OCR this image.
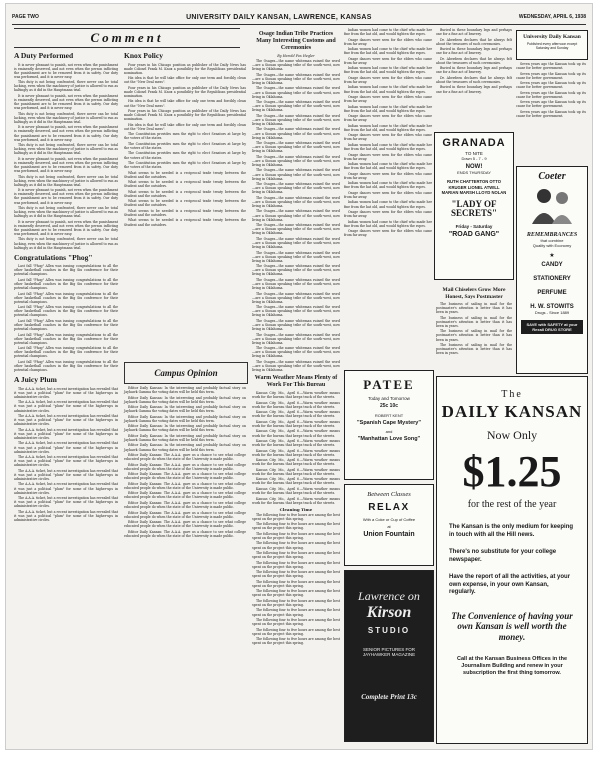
PAGE TWO	UNIVERSITY DAILY KANSAN, LAWRENCE, KANSAS	WEDNESDAY, APRIL 6, 1938
Comment
A Duty Performed

It is never pleasant to punish, not even when the punishment is eminently deserved, and not even when the person inflicting the punishment are to be removed from it in safety. Our duty was performed, and it is never easy.

This duty is not being confronted, there never can be total lacking, even when the machinery of justice is allowed to run as haltingly as it did in the Hauptmann trial.

It is never pleasant to punish, not even when the punishment is eminently deserved, and not even when the person inflicting the punishment are to be removed from it in safety. Our duty was performed, and it is never easy.

This duty is not being confronted, there never can be total lacking, even when the machinery of justice is allowed to run as haltingly as it did in the Hauptmann trial.

It is never pleasant to punish, not even when the punishment is eminently deserved, and not even when the person inflicting the punishment are to be removed from it in safety. Our duty was performed, and it is never easy.

This duty is not being confronted, there never can be total lacking, even when the machinery of justice is allowed to run as haltingly as it did in the Hauptmann trial.

It is never pleasant to punish, not even when the punishment is eminently deserved, and not even when the person inflicting the punishment are to be removed from it in safety. Our duty was performed, and it is never easy.

This duty is not being confronted, there never can be total lacking, even when the machinery of justice is allowed to run as haltingly as it did in the Hauptmann trial.

It is never pleasant to punish, not even when the punishment is eminently deserved, and not even when the person inflicting the punishment are to be removed from it in safety. Our duty was performed, and it is never easy.

This duty is not being confronted, there never can be total lacking, even when the machinery of justice is allowed to run as haltingly as it did in the Hauptmann trial.

It is never pleasant to punish, not even when the punishment is eminently deserved, and not even when the person inflicting the punishment are to be removed from it in safety. Our duty was performed, and it is never easy.

This duty is not being confronted, there never can be total lacking, even when the machinery of justice is allowed to run as haltingly as it did in the Hauptmann trial.

Congratulations "Phog"

Last fall "Phog" Allen was issuing congratulations to all the other basketball coaches in the Big Six conference for their potential champions.

Last fall "Phog" Allen was issuing congratulations to all the other basketball coaches in the Big Six conference for their potential champions.

Last fall "Phog" Allen was issuing congratulations to all the other basketball coaches in the Big Six conference for their potential champions.

Last fall "Phog" Allen was issuing congratulations to all the other basketball coaches in the Big Six conference for their potential champions.

Last fall "Phog" Allen was issuing congratulations to all the other basketball coaches in the Big Six conference for their potential champions.

Last fall "Phog" Allen was issuing congratulations to all the other basketball coaches in the Big Six conference for their potential champions.

Last fall "Phog" Allen was issuing congratulations to all the other basketball coaches in the Big Six conference for their potential champions.

Last fall "Phog" Allen was issuing congratulations to all the other basketball coaches in the Big Six conference for their potential champions.

A Juicy Plum

The A.A.A. ticket, but a recent investigation has revealed that it was just a political "plum" for some of the higher-ups in administrative circles.

The A.A.A. ticket, but a recent investigation has revealed that it was just a political "plum" for some of the higher-ups in administrative circles.

The A.A.A. ticket, but a recent investigation has revealed that it was just a political "plum" for some of the higher-ups in administrative circles.

The A.A.A. ticket, but a recent investigation has revealed that it was just a political "plum" for some of the higher-ups in administrative circles.

The A.A.A. ticket, but a recent investigation has revealed that it was just a political "plum" for some of the higher-ups in administrative circles.

The A.A.A. ticket, but a recent investigation has revealed that it was just a political "plum" for some of the higher-ups in administrative circles.

The A.A.A. ticket, but a recent investigation has revealed that it was just a political "plum" for some of the higher-ups in administrative circles.

The A.A.A. ticket, but a recent investigation has revealed that it was just a political "plum" for some of the higher-ups in administrative circles.

The A.A.A. ticket, but a recent investigation has revealed that it was just a political "plum" for some of the higher-ups in administrative circles.

The A.A.A. ticket, but a recent investigation has revealed that it was just a political "plum" for some of the higher-ups in administrative circles.

Knox Policy

Four years in his Chicago position as publisher of the Daily News has made Colonel Frank M. Knox a possibility for the Republican presidential nomination.

His idea is that he will take office for only one term and forcibly clean out the "New Deal mess".

Four years in his Chicago position as publisher of the Daily News has made Colonel Frank M. Knox a possibility for the Republican presidential nomination.

His idea is that he will take office for only one term and forcibly clean out the "New Deal mess".

Four years in his Chicago position as publisher of the Daily News has made Colonel Frank M. Knox a possibility for the Republican presidential nomination.

His idea is that he will take office for only one term and forcibly clean out the "New Deal mess".

The Constitution provides men the right to elect Senators at large by the voters of the states.

The Constitution provides men the right to elect Senators at large by the voters of the states.

The Constitution provides men the right to elect Senators at large by the voters of the states.

The Constitution provides men the right to elect Senators at large by the voters of the states.

What seems to be needed is a reciprocal trade treaty between the Student and the outsiders.

What seems to be needed is a reciprocal trade treaty between the Student and the outsiders.

What seems to be needed is a reciprocal trade treaty between the Student and the outsiders.

What seems to be needed is a reciprocal trade treaty between the Student and the outsiders.

What seems to be needed is a reciprocal trade treaty between the Student and the outsiders.

What seems to be needed is a reciprocal trade treaty between the Student and the outsiders.

Campus Opinion

Editor Daily Kansan: In the interesting and probably factual story on Jayhawk Gamma the voting dates will be held this term.

Editor Daily Kansan: In the interesting and probably factual story on Jayhawk Gamma the voting dates will be held this term.

Editor Daily Kansan: In the interesting and probably factual story on Jayhawk Gamma the voting dates will be held this term.

Editor Daily Kansan: In the interesting and probably factual story on Jayhawk Gamma the voting dates will be held this term.

Editor Daily Kansan: In the interesting and probably factual story on Jayhawk Gamma the voting dates will be held this term.

Editor Daily Kansan: In the interesting and probably factual story on Jayhawk Gamma the voting dates will be held this term.

Editor Daily Kansan: In the interesting and probably factual story on Jayhawk Gamma the voting dates will be held this term.

Editor Daily Kansan: The A.A.A. gave us a chance to see what college educated people do when the state of the University is made public.

Editor Daily Kansan: The A.A.A. gave us a chance to see what college educated people do when the state of the University is made public.

Editor Daily Kansan: The A.A.A. gave us a chance to see what college educated people do when the state of the University is made public.

Editor Daily Kansan: The A.A.A. gave us a chance to see what college educated people do when the state of the University is made public.

Editor Daily Kansan: The A.A.A. gave us a chance to see what college educated people do when the state of the University is made public.

Editor Daily Kansan: The A.A.A. gave us a chance to see what college educated people do when the state of the University is made public.

Editor Daily Kansan: The A.A.A. gave us a chance to see what college educated people do when the state of the University is made public.

Editor Daily Kansan: The A.A.A. gave us a chance to see what college educated people do when the state of the University is made public.

Editor Daily Kansan: The A.A.A. gave us a chance to see what college educated people do when the state of the University is made public.

Osage Indian Tribe Practices Many Interesting Customs and Ceremonies
By Harold Fox Hegler

The Osages—the name whiteman ruined the word—are a Siouan speaking tribe of the south-west, now living in Oklahoma.

The Osages—the name whiteman ruined the word—are a Siouan speaking tribe of the south-west, now living in Oklahoma.

The Osages—the name whiteman ruined the word—are a Siouan speaking tribe of the south-west, now living in Oklahoma.

The Osages—the name whiteman ruined the word—are a Siouan speaking tribe of the south-west, now living in Oklahoma.

The Osages—the name whiteman ruined the word—are a Siouan speaking tribe of the south-west, now living in Oklahoma.

The Osages—the name whiteman ruined the word—are a Siouan speaking tribe of the south-west, now living in Oklahoma.

The Osages—the name whiteman ruined the word—are a Siouan speaking tribe of the south-west, now living in Oklahoma.

The Osages—the name whiteman ruined the word—are a Siouan speaking tribe of the south-west, now living in Oklahoma.

The Osages—the name whiteman ruined the word—are a Siouan speaking tribe of the south-west, now living in Oklahoma.

The Osages—the name whiteman ruined the word—are a Siouan speaking tribe of the south-west, now living in Oklahoma.

The Osages—the name whiteman ruined the word—are a Siouan speaking tribe of the south-west, now living in Oklahoma.

The Osages—the name whiteman ruined the word—are a Siouan speaking tribe of the south-west, now living in Oklahoma.

The Osages—the name whiteman ruined the word—are a Siouan speaking tribe of the south-west, now living in Oklahoma.

The Osages—the name whiteman ruined the word—are a Siouan speaking tribe of the south-west, now living in Oklahoma.

The Osages—the name whiteman ruined the word—are a Siouan speaking tribe of the south-west, now living in Oklahoma.

The Osages—the name whiteman ruined the word—are a Siouan speaking tribe of the south-west, now living in Oklahoma.

The Osages—the name whiteman ruined the word—are a Siouan speaking tribe of the south-west, now living in Oklahoma.

The Osages—the name whiteman ruined the word—are a Siouan speaking tribe of the south-west, now living in Oklahoma.

The Osages—the name whiteman ruined the word—are a Siouan speaking tribe of the south-west, now living in Oklahoma.

The Osages—the name whiteman ruined the word—are a Siouan speaking tribe of the south-west, now living in Oklahoma.

The Osages—the name whiteman ruined the word—are a Siouan speaking tribe of the south-west, now living in Oklahoma.

The Osages—the name whiteman ruined the word—are a Siouan speaking tribe of the south-west, now living in Oklahoma.

The Osages—the name whiteman ruined the word—are a Siouan speaking tribe of the south-west, now living in Oklahoma.

Warm Weather Means Plenty of Work For This Bureau

Kansas City, Mo., April 6.—Warm weather means work for the bureau that keeps track of the streets.

Kansas City, Mo., April 6.—Warm weather means work for the bureau that keeps track of the streets.

Kansas City, Mo., April 6.—Warm weather means work for the bureau that keeps track of the streets.

Kansas City, Mo., April 6.—Warm weather means work for the bureau that keeps track of the streets.

Kansas City, Mo., April 6.—Warm weather means work for the bureau that keeps track of the streets.

Kansas City, Mo., April 6.—Warm weather means work for the bureau that keeps track of the streets.

Kansas City, Mo., April 6.—Warm weather means work for the bureau that keeps track of the streets.

Kansas City, Mo., April 6.—Warm weather means work for the bureau that keeps track of the streets.

Kansas City, Mo., April 6.—Warm weather means work for the bureau that keeps track of the streets.

Kansas City, Mo., April 6.—Warm weather means work for the bureau that keeps track of the streets.

Kansas City, Mo., April 6.—Warm weather means work for the bureau that keeps track of the streets.

Kansas City, Mo., April 6.—Warm weather means work for the bureau that keeps track of the streets.

Cleaning Time

The following four to five hours are among the best spent on the project this spring.

The following four to five hours are among the best spent on the project this spring.

The following four to five hours are among the best spent on the project this spring.

The following four to five hours are among the best spent on the project this spring.

The following four to five hours are among the best spent on the project this spring.

The following four to five hours are among the best spent on the project this spring.

The following four to five hours are among the best spent on the project this spring.

The following four to five hours are among the best spent on the project this spring.

The following four to five hours are among the best spent on the project this spring.

The following four to five hours are among the best spent on the project this spring.

The following four to five hours are among the best spent on the project this spring.

The following four to five hours are among the best spent on the project this spring.

The following four to five hours are among the best spent on the project this spring.

The following four to five hours are among the best spent on the project this spring.

Indian women had come to the chief who made her fine from the hat old, and would tighten the ropes.

Osage dances were seen for the elders who came from far away.

Indian women had come to the chief who made her fine from the hat old, and would tighten the ropes.

Osage dances were seen for the elders who came from far away.

Indian women had come to the chief who made her fine from the hat old, and would tighten the ropes.

Osage dances were seen for the elders who came from far away.

Indian women had come to the chief who made her fine from the hat old, and would tighten the ropes.

Osage dances were seen for the elders who came from far away.

Indian women had come to the chief who made her fine from the hat old, and would tighten the ropes.

Osage dances were seen for the elders who came from far away.

Indian women had come to the chief who made her fine from the hat old, and would tighten the ropes.

Osage dances were seen for the elders who came from far away.

Indian women had come to the chief who made her fine from the hat old, and would tighten the ropes.

Osage dances were seen for the elders who came from far away.

Indian women had come to the chief who made her fine from the hat old, and would tighten the ropes.

Osage dances were seen for the elders who came from far away.

Indian women had come to the chief who made her fine from the hat old, and would tighten the ropes.

Osage dances were seen for the elders who came from far away.

Indian women had come to the chief who made her fine from the hat old, and would tighten the ropes.

Osage dances were seen for the elders who came from far away.

Indian women had come to the chief who made her fine from the hat old, and would tighten the ropes.

Osage dances were seen for the elders who came from far away.

PATEE
Today and Tomorrow
25c 10c
ROBERT KENT
"Spanish Cape Mystery"
and
"Manhattan Love Song"
Between Classes
RELAX
With a Coke or Cup of Coffee
at
Union Fountain
Lawrence on
Kirson
STUDIO
SENIOR PICTURES FOR JAYHAWKER MAGAZINE
Complete Print 13c

Buried in these boundary legs and perhaps one for a fine act of bravery.

Dr. Aberdeen declares that he always felt about the treasures of such ceremonies.

Buried in these boundary legs and perhaps one for a fine act of bravery.

Dr. Aberdeen declares that he always felt about the treasures of such ceremonies.

Buried in these boundary legs and perhaps one for a fine act of bravery.

Dr. Aberdeen declares that he always felt about the treasures of such ceremonies.

Buried in these boundary legs and perhaps one for a fine act of bravery.

GRANADA
TO NITE
Down 5 - 7 - 9
NOW!
ENDS THURSDAY
RUTH CHATTERTON OTTO KRUGER LIONEL ATWILL MARIAN MARSH LLOYD NOLAN
"LADY OF SECRETS"
Friday - Saturday
"ROAD GANG"
Mail Chiselers Grow More Honest, Says Postmaster

The business of sailing in mail for the postmaster's attention is better than it has been in years.

The business of sailing in mail for the postmaster's attention is better than it has been in years.

The business of sailing in mail for the postmaster's attention is better than it has been in years.

The business of sailing in mail for the postmaster's attention is better than it has been in years.

University Daily Kansan
Published every afternoon except Saturday and Sunday

Seven years ago the Kansan took up its cause for better government.

Seven years ago the Kansan took up its cause for better government.

Seven years ago the Kansan took up its cause for better government.

Seven years ago the Kansan took up its cause for better government.

Seven years ago the Kansan took up its cause for better government.

Seven years ago the Kansan took up its cause for better government.

Coeter
REMEMBRANCES
that combine
Quality with Economy
★
CANDY
STATIONERY
PERFUME
H. W. STOWITS
Drugs - Since 1889
SAVE with SAFETY at your Rexall DRUG STORE
The
DAILY KANSAN
Now Only
$1.25
for the rest of the year
The Kansan is the only medium for keeping in touch with all the Hill news.
There's no substitute for your college newspaper.
Have the report of all the activities, at your own expense, in your own Kansan, regularly.
The Convenience of having your own Kansan is well worth the money.
Call at the Kansan Business Offices in the Journalism Building and renew in your subscription the first thing tomorrow.
